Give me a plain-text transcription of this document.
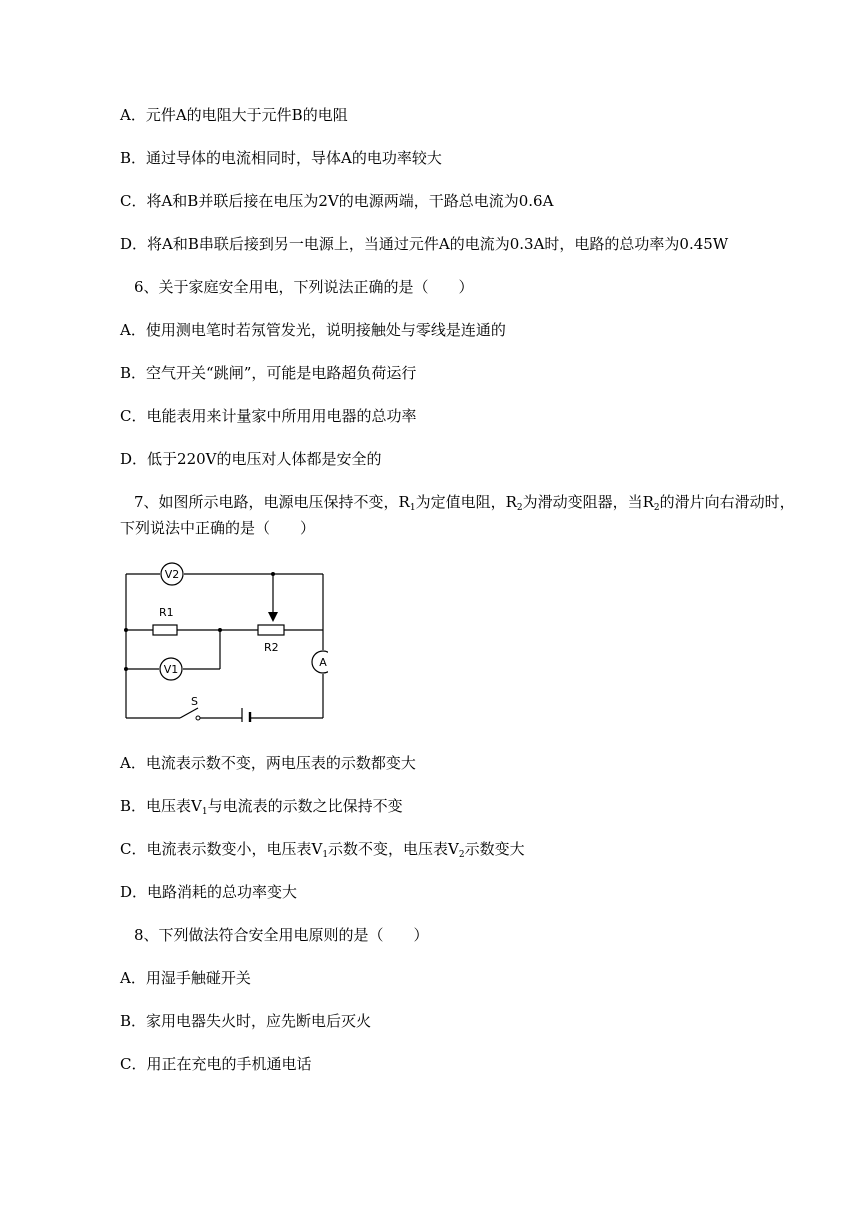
A．元件A的电阻大于元件B的电阻
B．通过导体的电流相同时，导体A的电功率较大
C．将A和B并联后接在电压为2V的电源两端，干路总电流为0.6A
D．将A和B串联后接到另一电源上，当通过元件A的电流为0.3A时，电路的总功率为0.45W
6、关于家庭安全用电，下列说法正确的是（　　）
A．使用测电笔时若氖管发光，说明接触处与零线是连通的
B．空气开关“跳闸”，可能是电路超负荷运行
C．电能表用来计量家中所用用电器的总功率
D．低于220V的电压对人体都是安全的
7、如图所示电路，电源电压保持不变，$R_1$为定值电阻，$R_2$为滑动变阻器，当$R_2$的滑片向右滑动时，
下列说法中正确的是（　　）
V2
V1
A
R1
R2
S
A．电流表示数不变，两电压表的示数都变大
B．电压表$V_1$与电流表的示数之比保持不变
C．电流表示数变小，电压表$V_1$示数不变，电压表$V_2$示数变大
D．电路消耗的总功率变大
8、下列做法符合安全用电原则的是（　　）
A．用湿手触碰开关
B．家用电器失火时，应先断电后灭火
C．用正在充电的手机通电话
